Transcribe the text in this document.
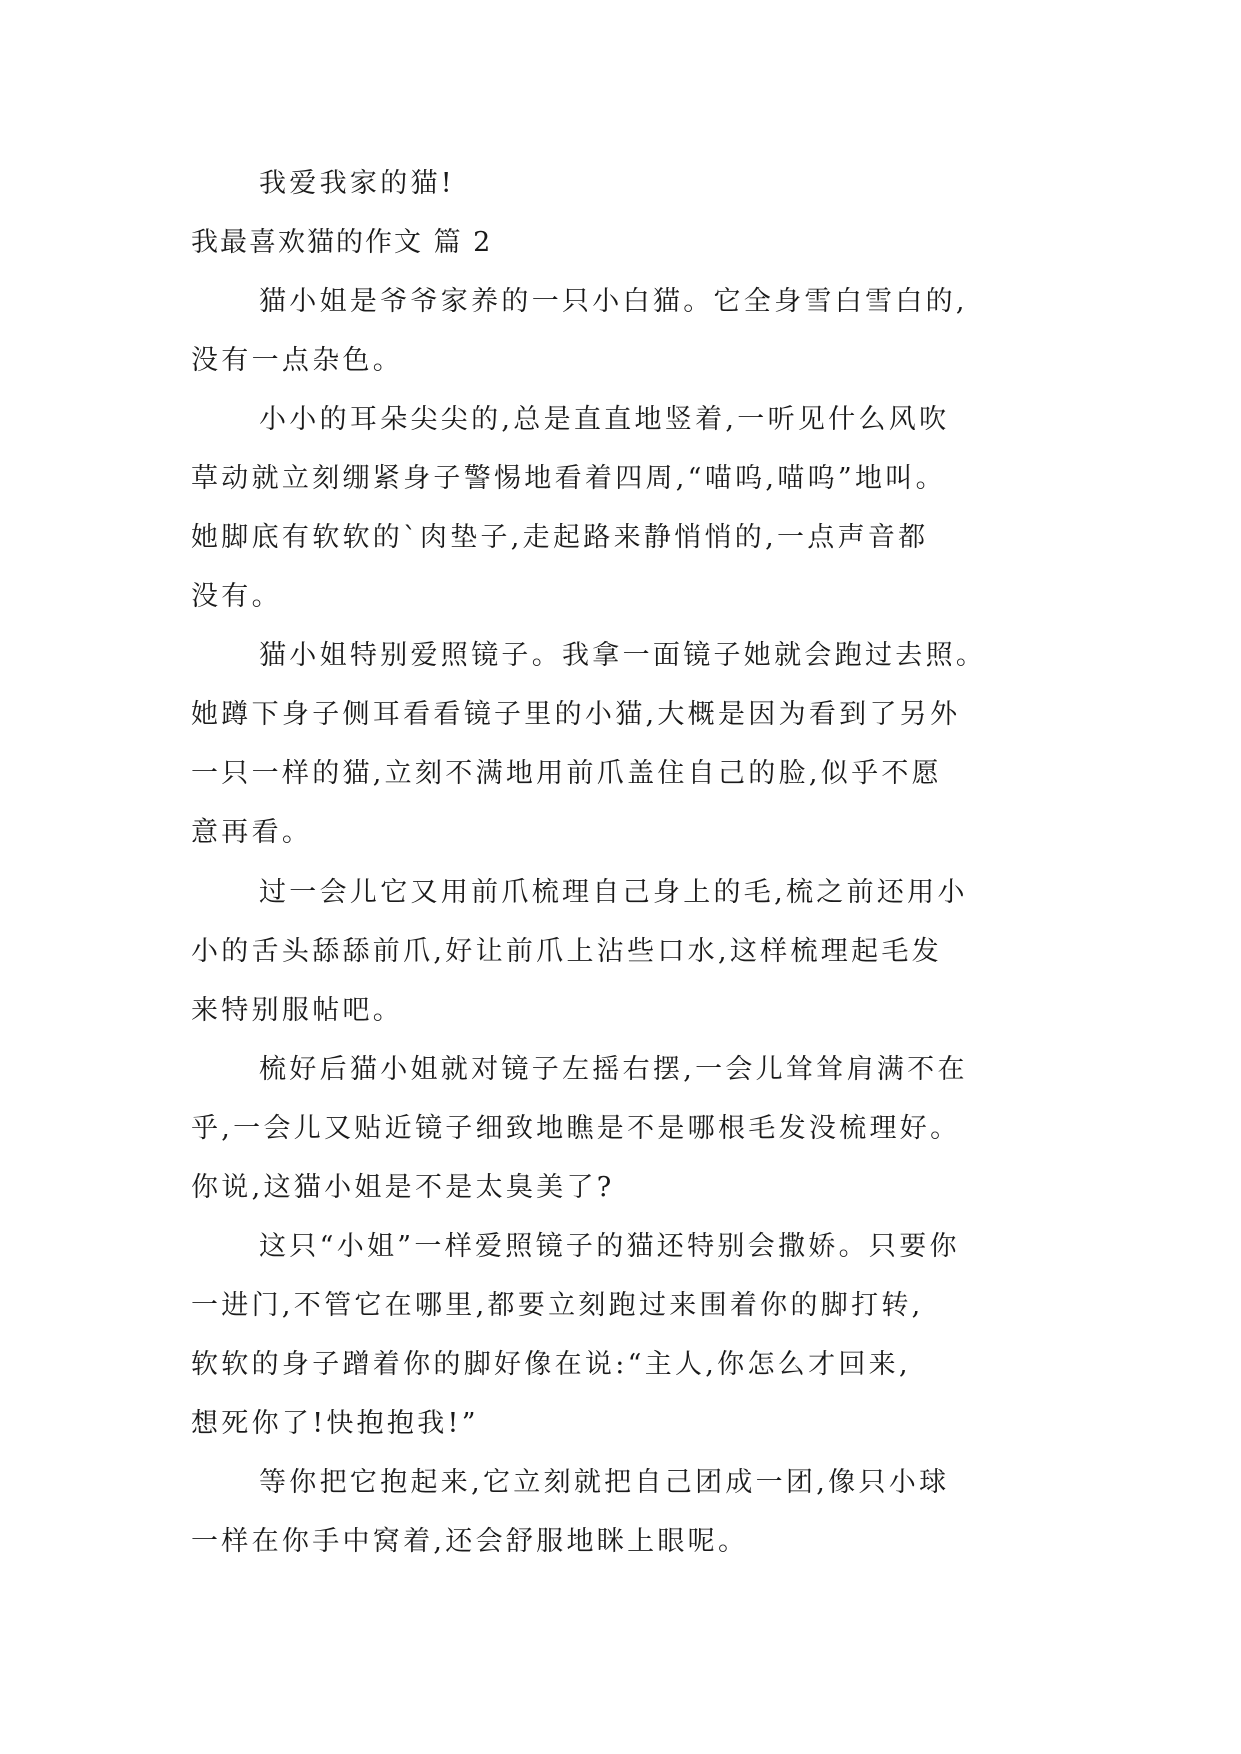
我爱我家的猫!
我最喜欢猫的作文 篇 2
猫小姐是爷爷家养的一只小白猫。它全身雪白雪白的,
没有一点杂色。
小小的耳朵尖尖的,总是直直地竖着,一听见什么风吹
草动就立刻绷紧身子警惕地看着四周,“喵呜,喵呜”地叫。
她脚底有软软的`肉垫子,走起路来静悄悄的,一点声音都
没有。
猫小姐特别爱照镜子。我拿一面镜子她就会跑过去照。
她蹲下身子侧耳看看镜子里的小猫,大概是因为看到了另外
一只一样的猫,立刻不满地用前爪盖住自己的脸,似乎不愿
意再看。
过一会儿它又用前爪梳理自己身上的毛,梳之前还用小
小的舌头舔舔前爪,好让前爪上沾些口水,这样梳理起毛发
来特别服帖吧。
梳好后猫小姐就对镜子左摇右摆,一会儿耸耸肩满不在
乎,一会儿又贴近镜子细致地瞧是不是哪根毛发没梳理好。
你说,这猫小姐是不是太臭美了?
这只“小姐”一样爱照镜子的猫还特别会撒娇。只要你
一进门,不管它在哪里,都要立刻跑过来围着你的脚打转,
软软的身子蹭着你的脚好像在说:“主人,你怎么才回来,
想死你了!快抱抱我!”
等你把它抱起来,它立刻就把自己团成一团,像只小球
一样在你手中窝着,还会舒服地眯上眼呢。
